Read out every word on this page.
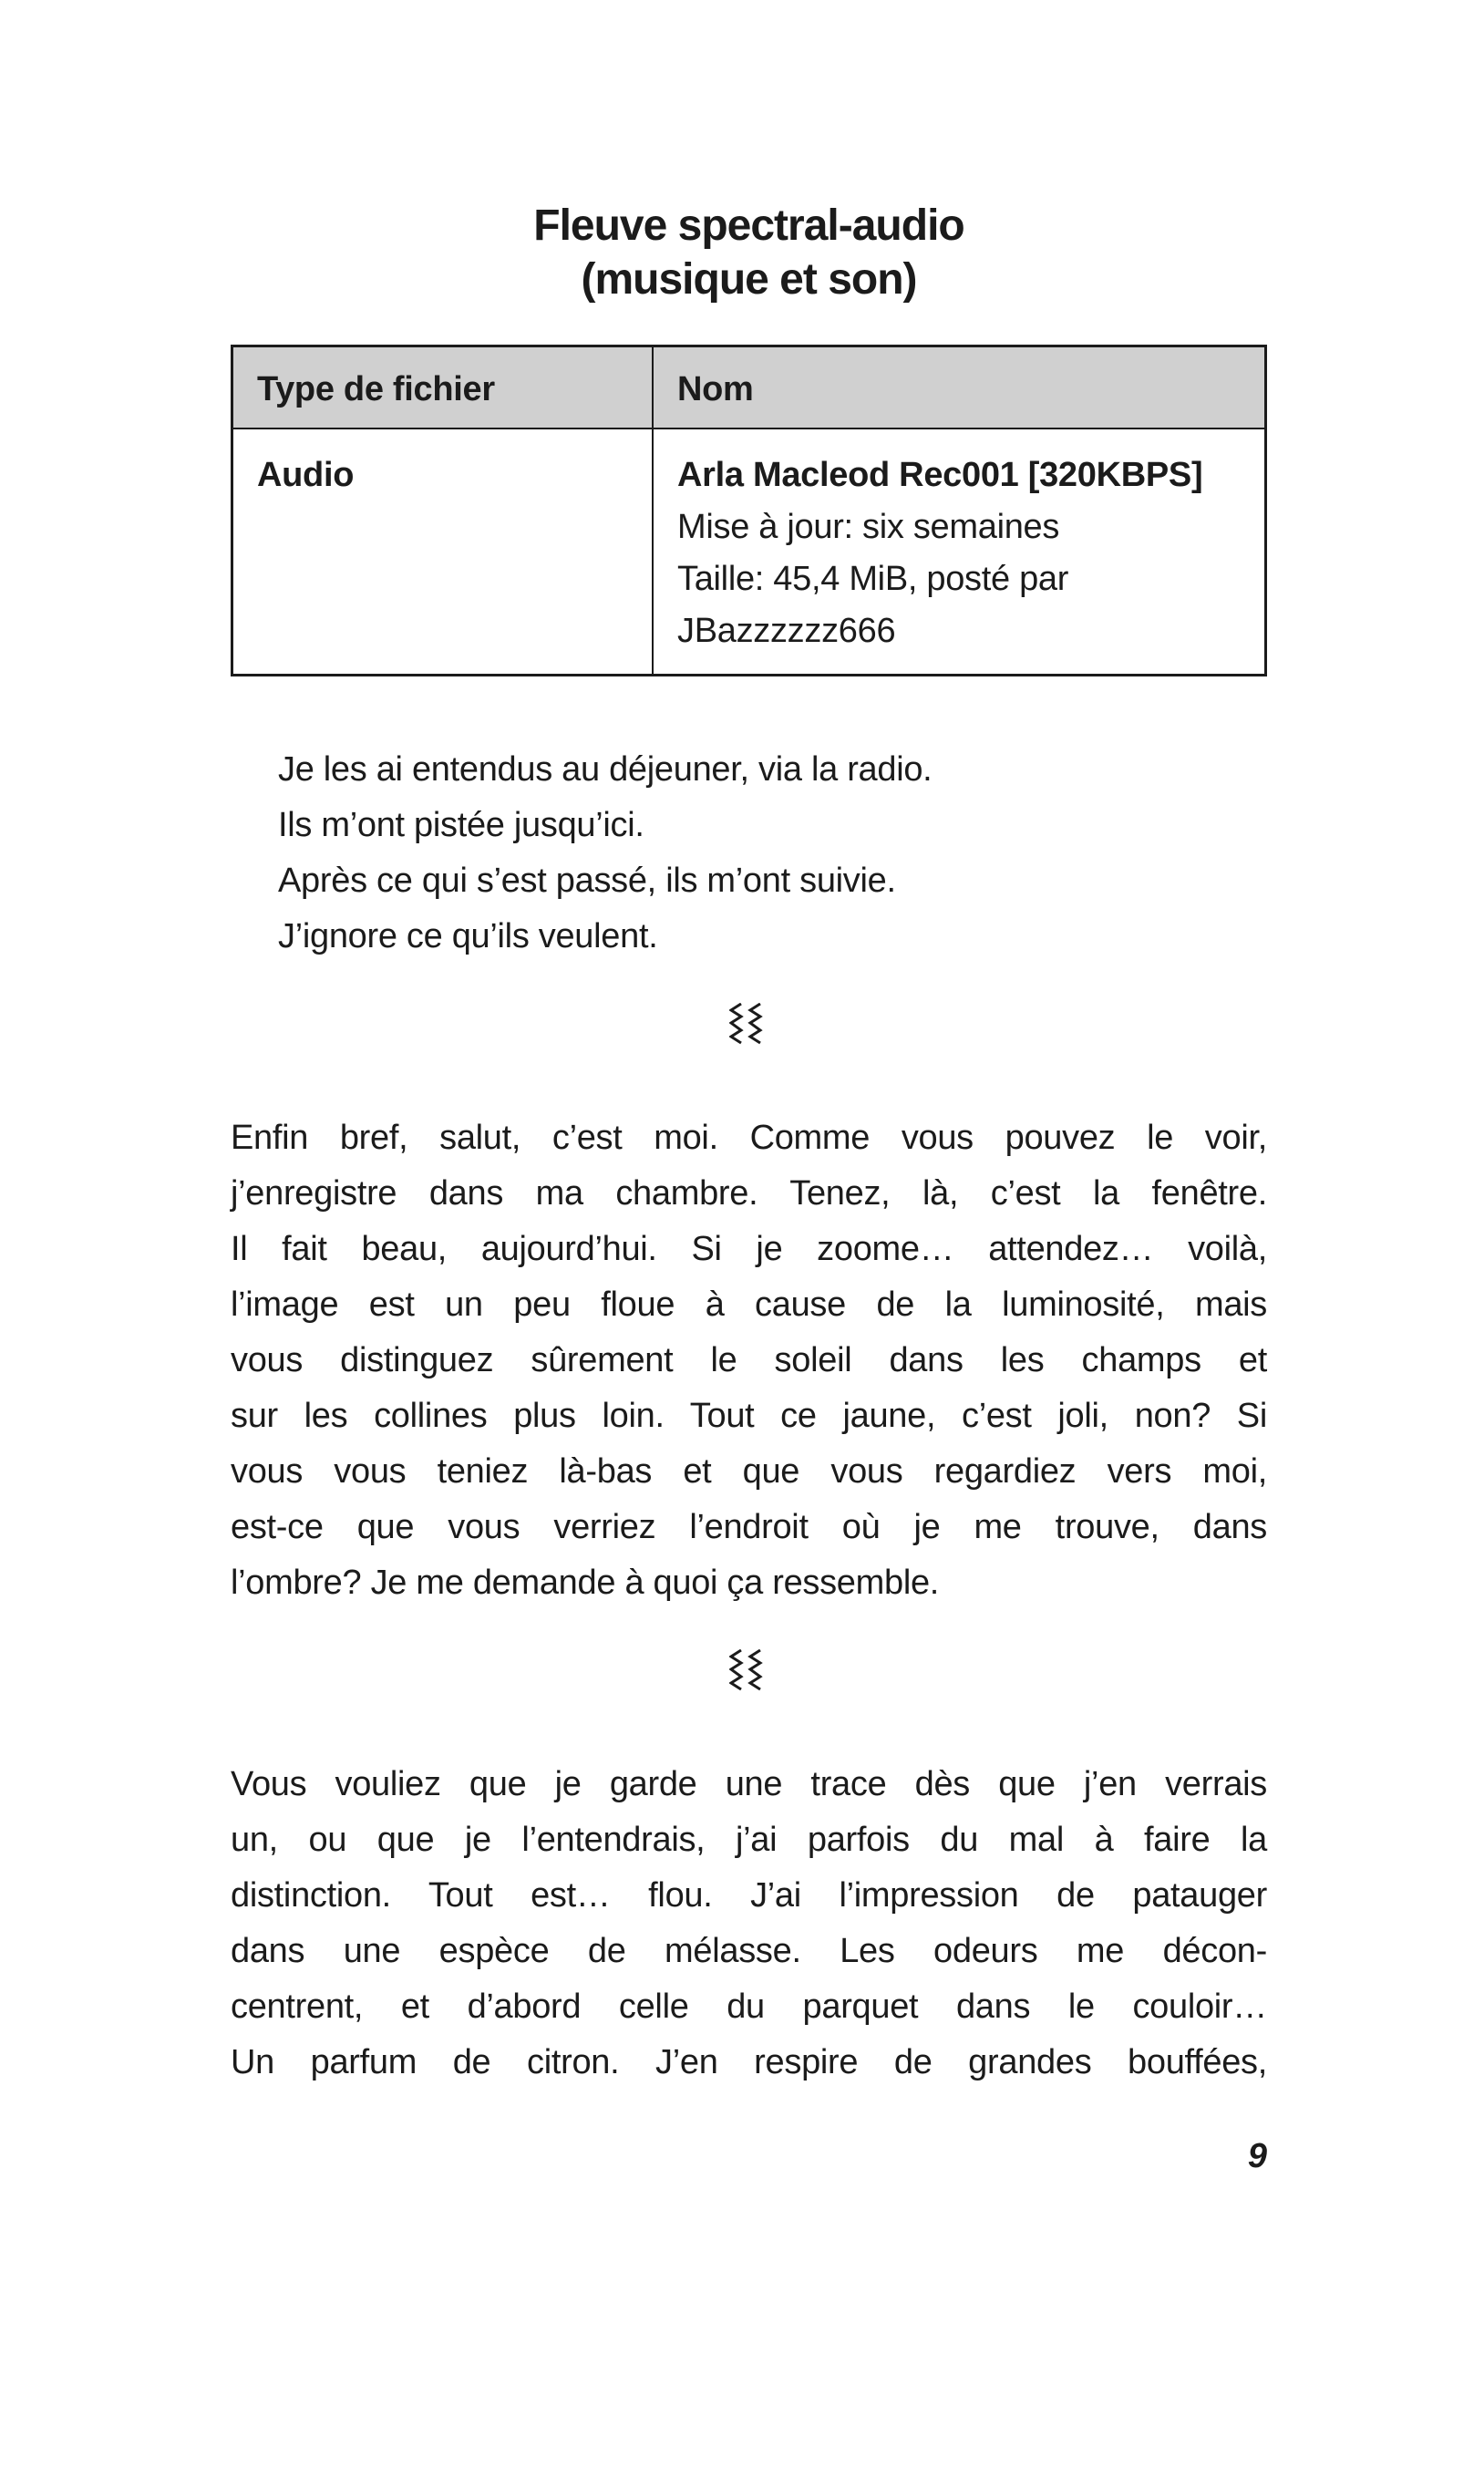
Fleuve spectral-audio
(musique et son)
Type de fichier	Nom
Audio	Arla Macleod Rec001 [320KBPS]
Mise à jour: six semaines
Taille: 45,4 MiB, posté par
JBazzzzzz666
Je les ai entendus au déjeuner, via la radio.
Ils m’ont pistée jusqu’ici.
Après ce qui s’est passé, ils m’ont suivie.
J’ignore ce qu’ils veulent.
Enfin bref, salut, c’est moi. Comme vous pouvez le voir,
j’enregistre dans ma chambre. Tenez, là, c’est la fenêtre.
Il fait beau, aujourd’hui. Si je zoome… attendez… voilà,
l’image est un peu floue à cause de la luminosité, mais
vous distinguez sûrement le soleil dans les champs et
sur les collines plus loin. Tout ce jaune, c’est joli, non? Si
vous vous teniez là-bas et que vous regardiez vers moi,
est-ce que vous verriez l’endroit où je me trouve, dans
l’ombre? Je me demande à quoi ça ressemble.
Vous vouliez que je garde une trace dès que j’en verrais
un, ou que je l’entendrais, j’ai parfois du mal à faire la
distinction. Tout est… flou. J’ai l’impression de patauger
dans une espèce de mélasse. Les odeurs me décon-
centrent, et d’abord celle du parquet dans le couloir…
Un parfum de citron. J’en respire de grandes bouffées,
9
